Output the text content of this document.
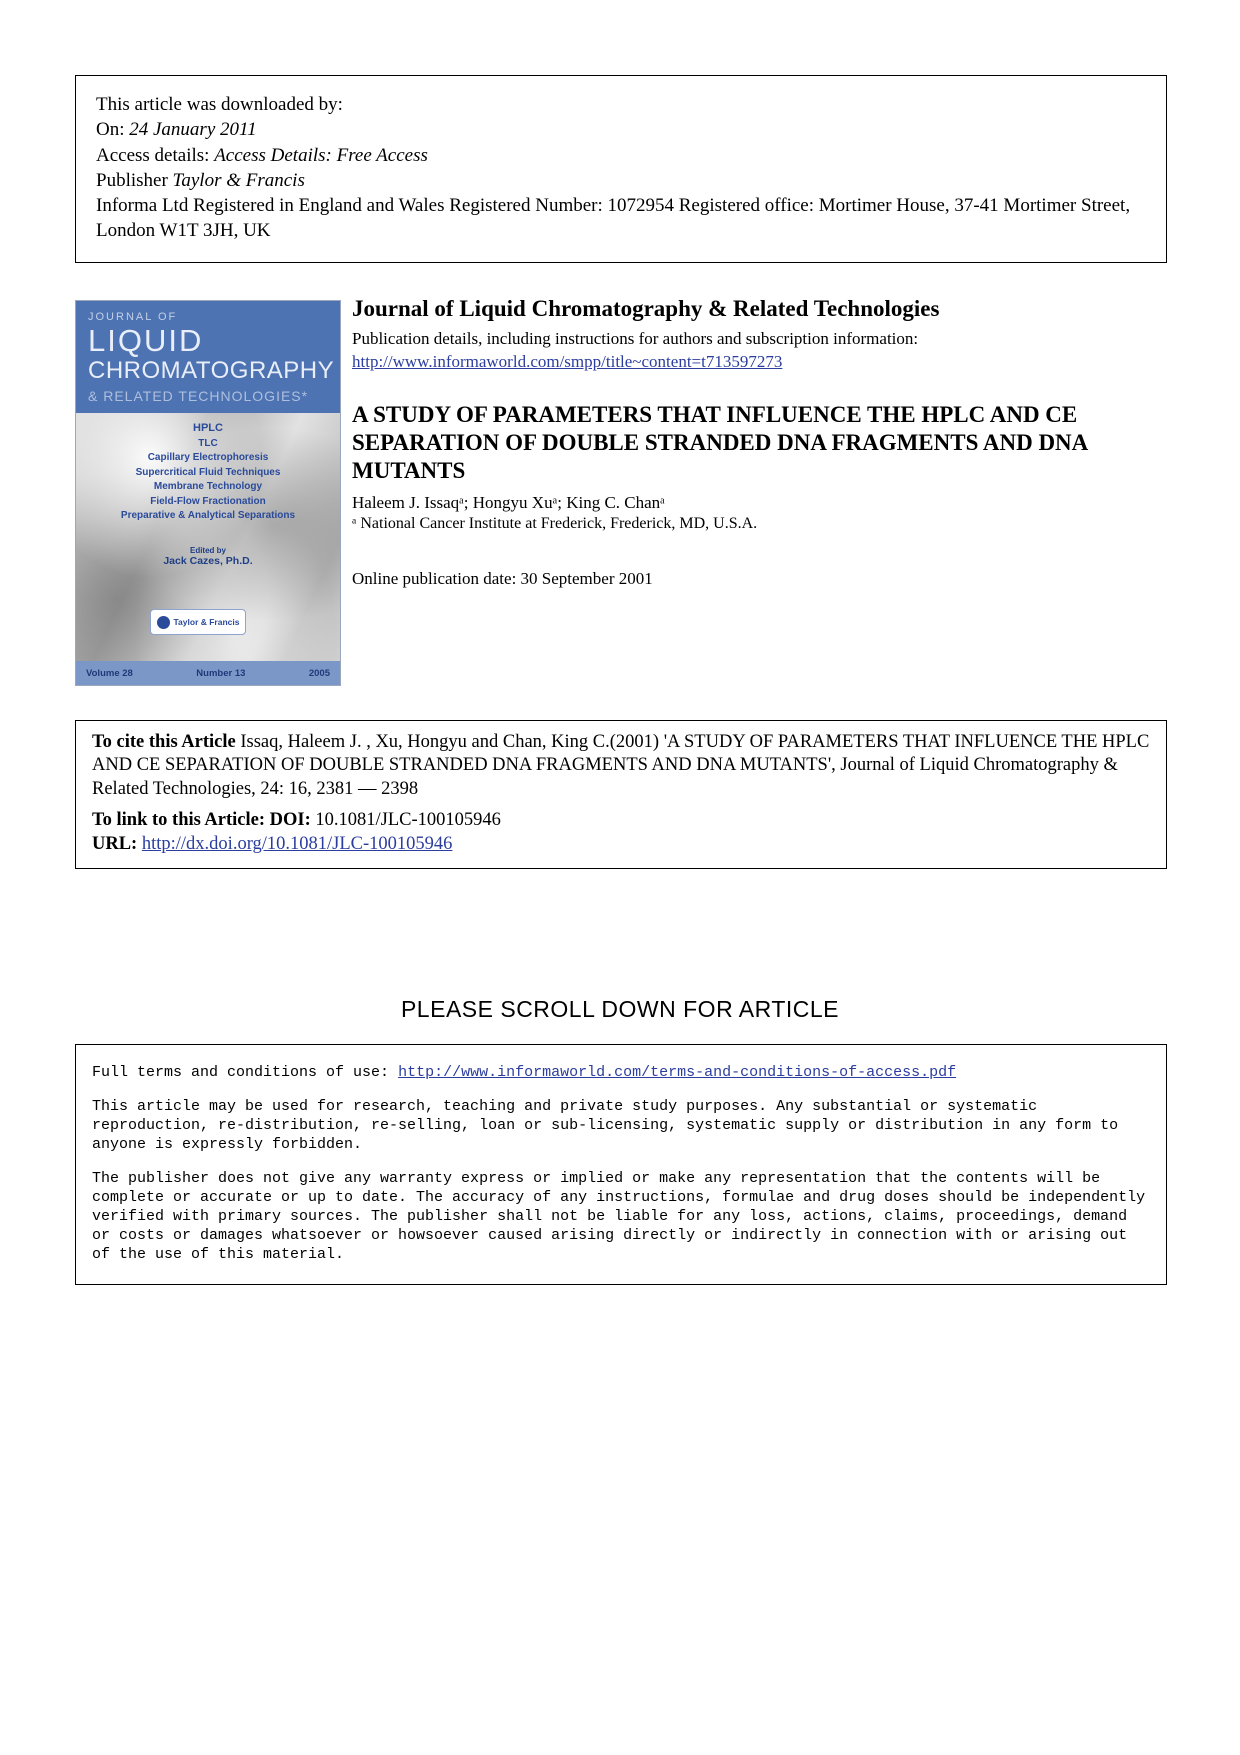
This article was downloaded by:
On: 24 January 2011
Access details: Access Details: Free Access
Publisher Taylor & Francis
Informa Ltd Registered in England and Wales Registered Number: 1072954 Registered office: Mortimer House, 37-41 Mortimer Street, London W1T 3JH, UK
JOURNAL OF
LIQUID
CHROMATOGRAPHY
& RELATED TECHNOLOGIES*
HPLC
TLC
Capillary Electrophoresis
Supercritical Fluid Techniques
Membrane Technology
Field-Flow Fractionation
Preparative & Analytical Separations
Edited by
Jack Cazes, Ph.D.
Taylor & Francis
Volume 28	Number 13	2005
Journal of Liquid Chromatography & Related Technologies
Publication details, including instructions for authors and subscription information:
http://www.informaworld.com/smpp/title~content=t713597273
A STUDY OF PARAMETERS THAT INFLUENCE THE HPLC AND CE SEPARATION OF DOUBLE STRANDED DNA FRAGMENTS AND DNA MUTANTS
Haleem J. Issaqᵃ; Hongyu Xuᵃ; King C. Chanᵃ
ᵃ National Cancer Institute at Frederick, Frederick, MD, U.S.A.
Online publication date: 30 September 2001
To cite this Article Issaq, Haleem J. , Xu, Hongyu and Chan, King C.(2001) 'A STUDY OF PARAMETERS THAT INFLUENCE THE HPLC AND CE SEPARATION OF DOUBLE STRANDED DNA FRAGMENTS AND DNA MUTANTS', Journal of Liquid Chromatography & Related Technologies, 24: 16, 2381 — 2398
To link to this Article: DOI: 10.1081/JLC-100105946
URL: http://dx.doi.org/10.1081/JLC-100105946
PLEASE SCROLL DOWN FOR ARTICLE

Full terms and conditions of use: http://www.informaworld.com/terms-and-conditions-of-access.pdf

This article may be used for research, teaching and private study purposes. Any substantial or systematic reproduction, re-distribution, re-selling, loan or sub-licensing, systematic supply or distribution in any form to anyone is expressly forbidden.

The publisher does not give any warranty express or implied or make any representation that the contents will be complete or accurate or up to date. The accuracy of any instructions, formulae and drug doses should be independently verified with primary sources. The publisher shall not be liable for any loss, actions, claims, proceedings, demand or costs or damages whatsoever or howsoever caused arising directly or indirectly in connection with or arising out of the use of this material.
